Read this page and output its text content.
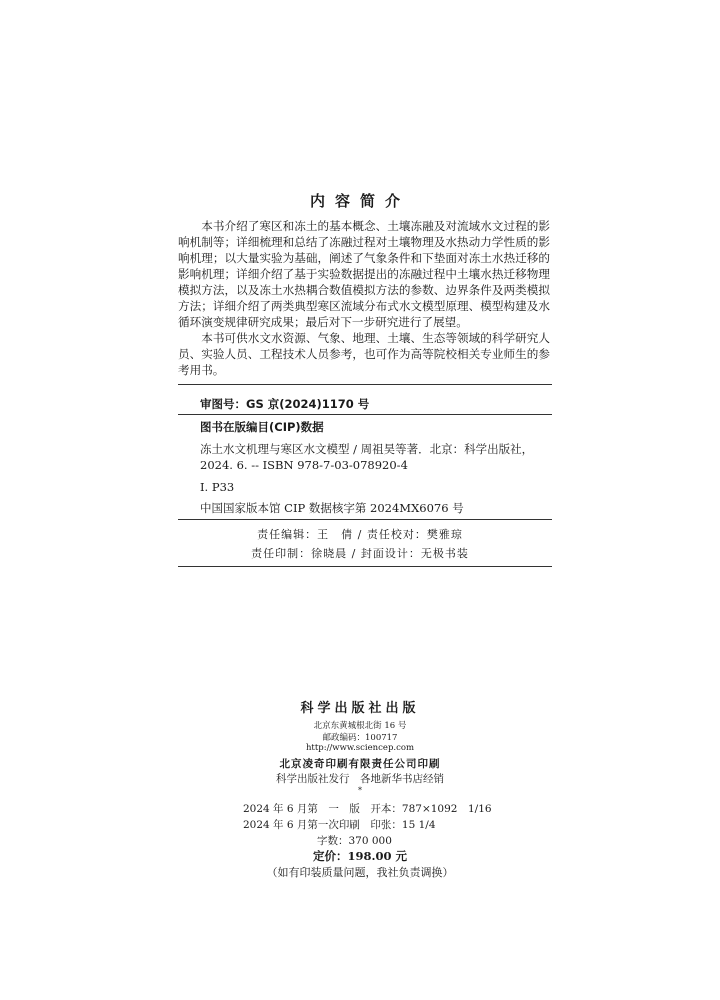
内容简介

本书介绍了寒区和冻土的基本概念、土壤冻融及对流域水文过程的影响机制等；详细梳理和总结了冻融过程对土壤物理及水热动力学性质的影响机理；以大量实验为基础，阐述了气象条件和下垫面对冻土水热迁移的影响机理；详细介绍了基于实验数据提出的冻融过程中土壤水热迁移物理模拟方法，以及冻土水热耦合数值模拟方法的参数、边界条件及两类模拟方法；详细介绍了两类典型寒区流域分布式水文模型原理、模型构建及水循环演变规律研究成果；最后对下一步研究进行了展望。

本书可供水文水资源、气象、地理、土壤、生态等领域的科学研究人员、实验人员、工程技术人员参考，也可作为高等院校相关专业师生的参考用书。

审图号：GS 京(2024)1170 号
图书在版编目(CIP)数据
冻土水文机理与寒区水文模型 / 周祖昊等著．北京：科学出版社，
2024. 6. -- ISBN 978-7-03-078920-4
Ⅰ. P33
中国国家版本馆 CIP 数据核字第 2024MX6076 号
责任编辑：王　倩 / 责任校对：樊雅琼
责任印制：徐晓晨 / 封面设计：无极书装
科学出版社出版
北京东黄城根北街 16 号
邮政编码：100717
http://www.sciencep.com
北京凌奇印刷有限责任公司印刷
科学出版社发行　各地新华书店经销
*
2024 年 6 月第　一　版　开本：787×1092　1/16
2024 年 6 月第一次印刷　印张：15 1/4
字数：370 000
定价：198.00 元
（如有印装质量问题，我社负责调换）
